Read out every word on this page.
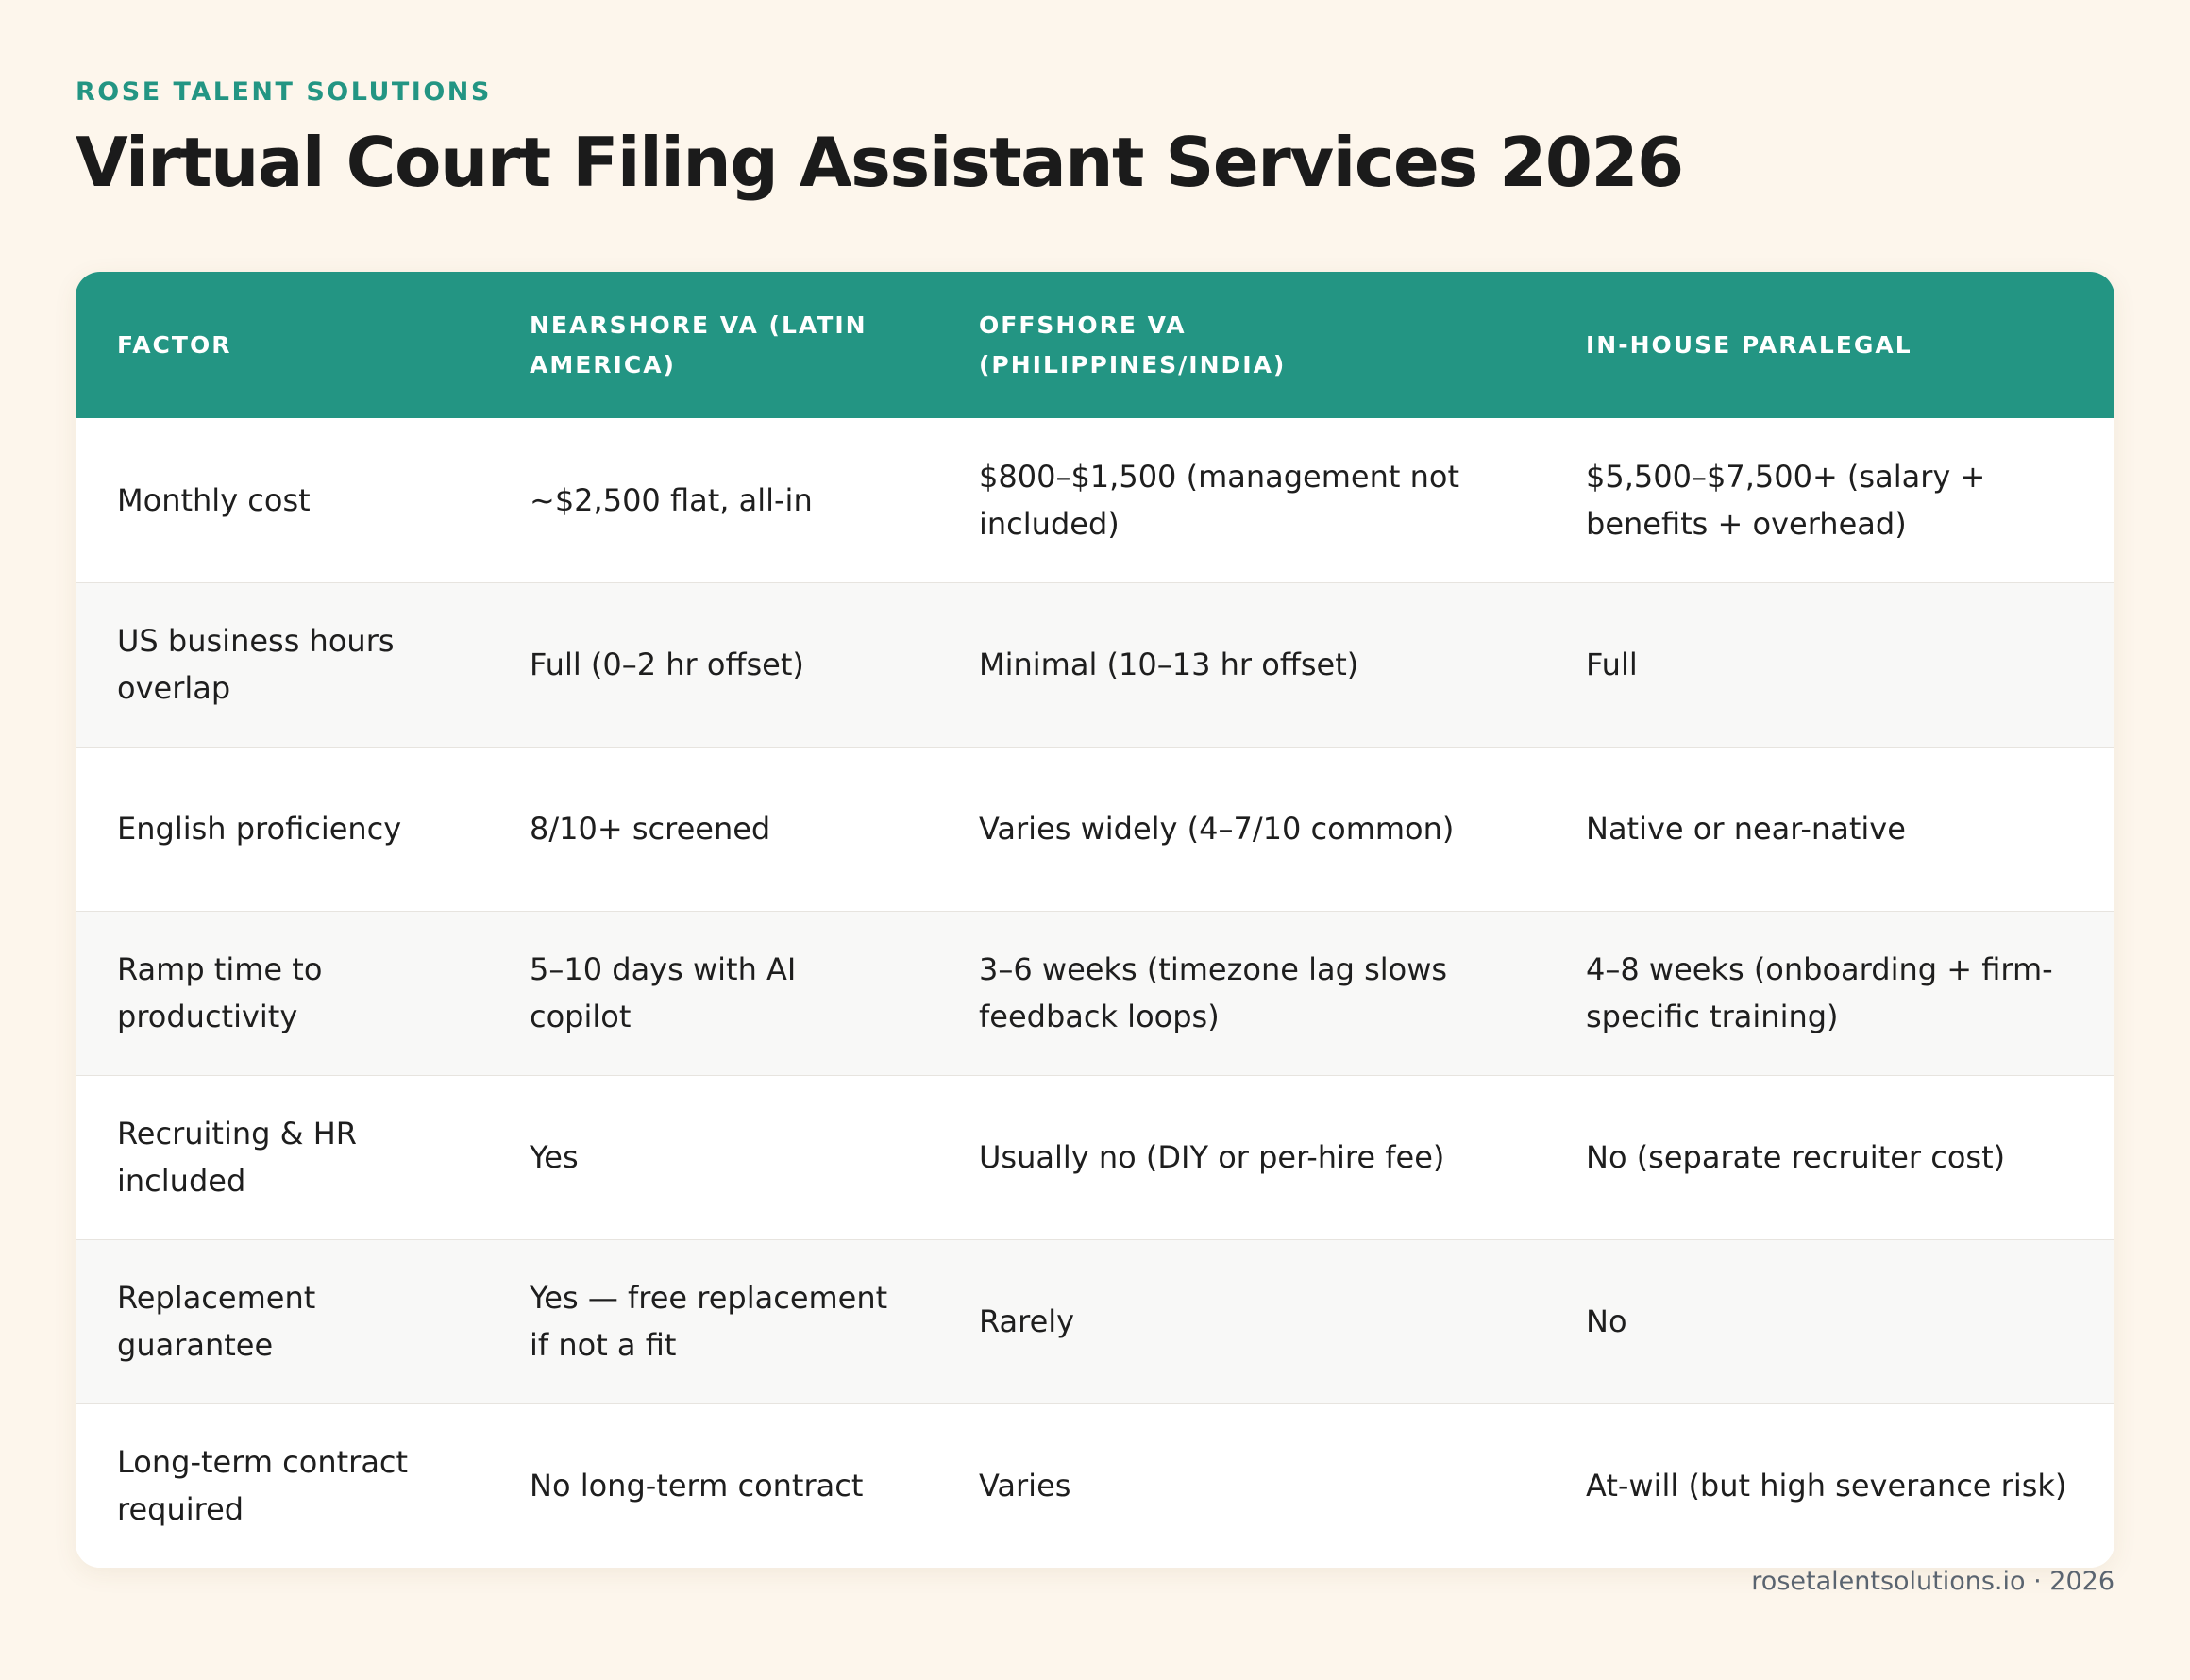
ROSE TALENT SOLUTIONS
Virtual Court Filing Assistant Services 2026
FACTOR	NEARSHORE VA (LATIN AMERICA)	OFFSHORE VA (PHILIPPINES/INDIA)	IN-HOUSE PARALEGAL
Monthly cost	~$2,500 flat, all-in	$800–$1,500 (management not included)	$5,500–$7,500+ (salary + benefits + overhead)
US business hours overlap	Full (0–2 hr offset)	Minimal (10–13 hr offset)	Full
English proficiency	8/10+ screened	Varies widely (4–7/10 common)	Native or near-native
Ramp time to productivity	5–10 days with AI copilot	3–6 weeks (timezone lag slows feedback loops)	4–8 weeks (onboarding + firm-specific training)
Recruiting & HR included	Yes	Usually no (DIY or per-hire fee)	No (separate recruiter cost)
Replacement guarantee	Yes — free replacement if not a fit	Rarely	No
Long-term contract required	No long-term contract	Varies	At-will (but high severance risk)
rosetalentsolutions.io · 2026
